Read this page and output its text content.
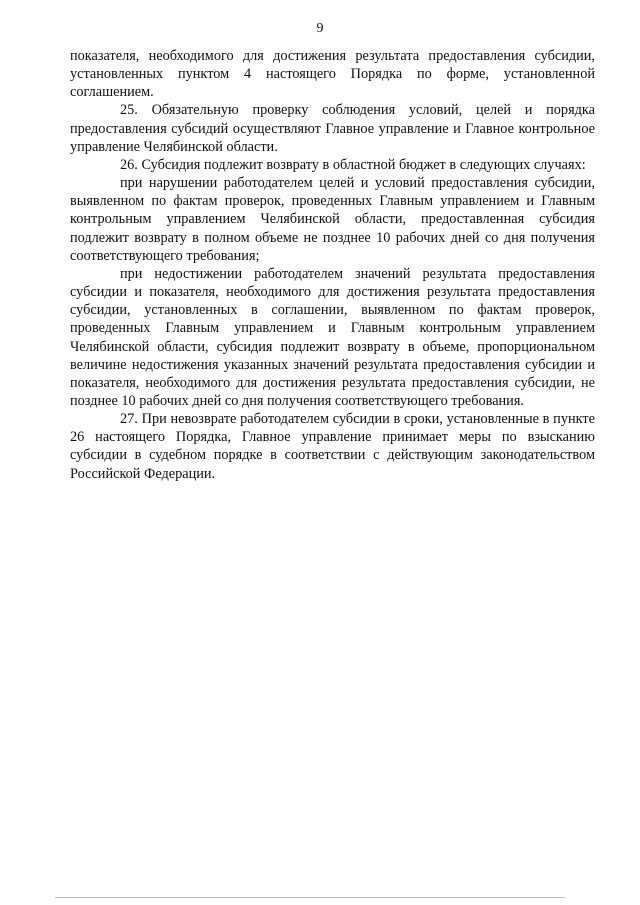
9

показателя, необходимого для достижения результата предоставления субсидии, установленных пунктом 4 настоящего Порядка по форме, установленной соглашением.

25. Обязательную проверку соблюдения условий, целей и порядка предоставления субсидий осуществляют Главное управление и Главное контрольное управление Челябинской области.

26. Субсидия подлежит возврату в областной бюджет в следующих случаях:

при нарушении работодателем целей и условий предоставления субсидии, выявленном по фактам проверок, проведенных Главным управлением и Главным контрольным управлением Челябинской области, предоставленная субсидия подлежит возврату в полном объеме не позднее 10 рабочих дней со дня получения соответствующего требования;

при недостижении работодателем значений результата предоставления субсидии и показателя, необходимого для достижения результата предоставления субсидии, установленных в соглашении, выявленном по фактам проверок, проведенных Главным управлением и Главным контрольным управлением Челябинской области, субсидия подлежит возврату в объеме, пропорциональном величине недостижения указанных значений результата предоставления субсидии и показателя, необходимого для достижения результата предоставления субсидии, не позднее 10 рабочих дней со дня получения соответствующего требования.

27. При невозврате работодателем субсидии в сроки, установленные в пункте 26 настоящего Порядка, Главное управление принимает меры по взысканию субсидии в судебном порядке в соответствии с действующим законодательством Российской Федерации.
